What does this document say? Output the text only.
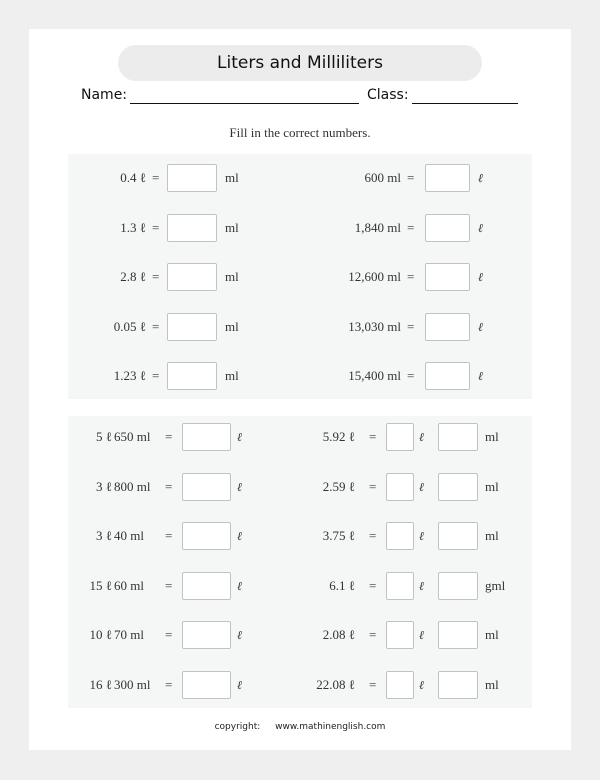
Liters and Milliliters
Name:	Class:
Fill in the correct numbers.
0.4 ℓ =	ml
1.3 ℓ =	ml
2.8 ℓ =	ml
0.05 ℓ =	ml
1.23 ℓ =	ml
600 ml =	ℓ
1,840 ml =	ℓ
12,600 ml =	ℓ
13,030 ml =	ℓ
15,400 ml =	ℓ
5 ℓ 650 ml =	ℓ
3 ℓ 800 ml =	ℓ
3 ℓ 40 ml =	ℓ
15 ℓ 60 ml =	ℓ
10 ℓ 70 ml =	ℓ
16 ℓ 300 ml =	ℓ
5.92 ℓ =	ℓ	ml
2.59 ℓ =	ℓ	ml
3.75 ℓ =	ℓ	ml
6.1 ℓ =	ℓ	gml
2.08 ℓ =	ℓ	ml
22.08 ℓ =	ℓ	ml
copyright: www.mathinenglish.com
